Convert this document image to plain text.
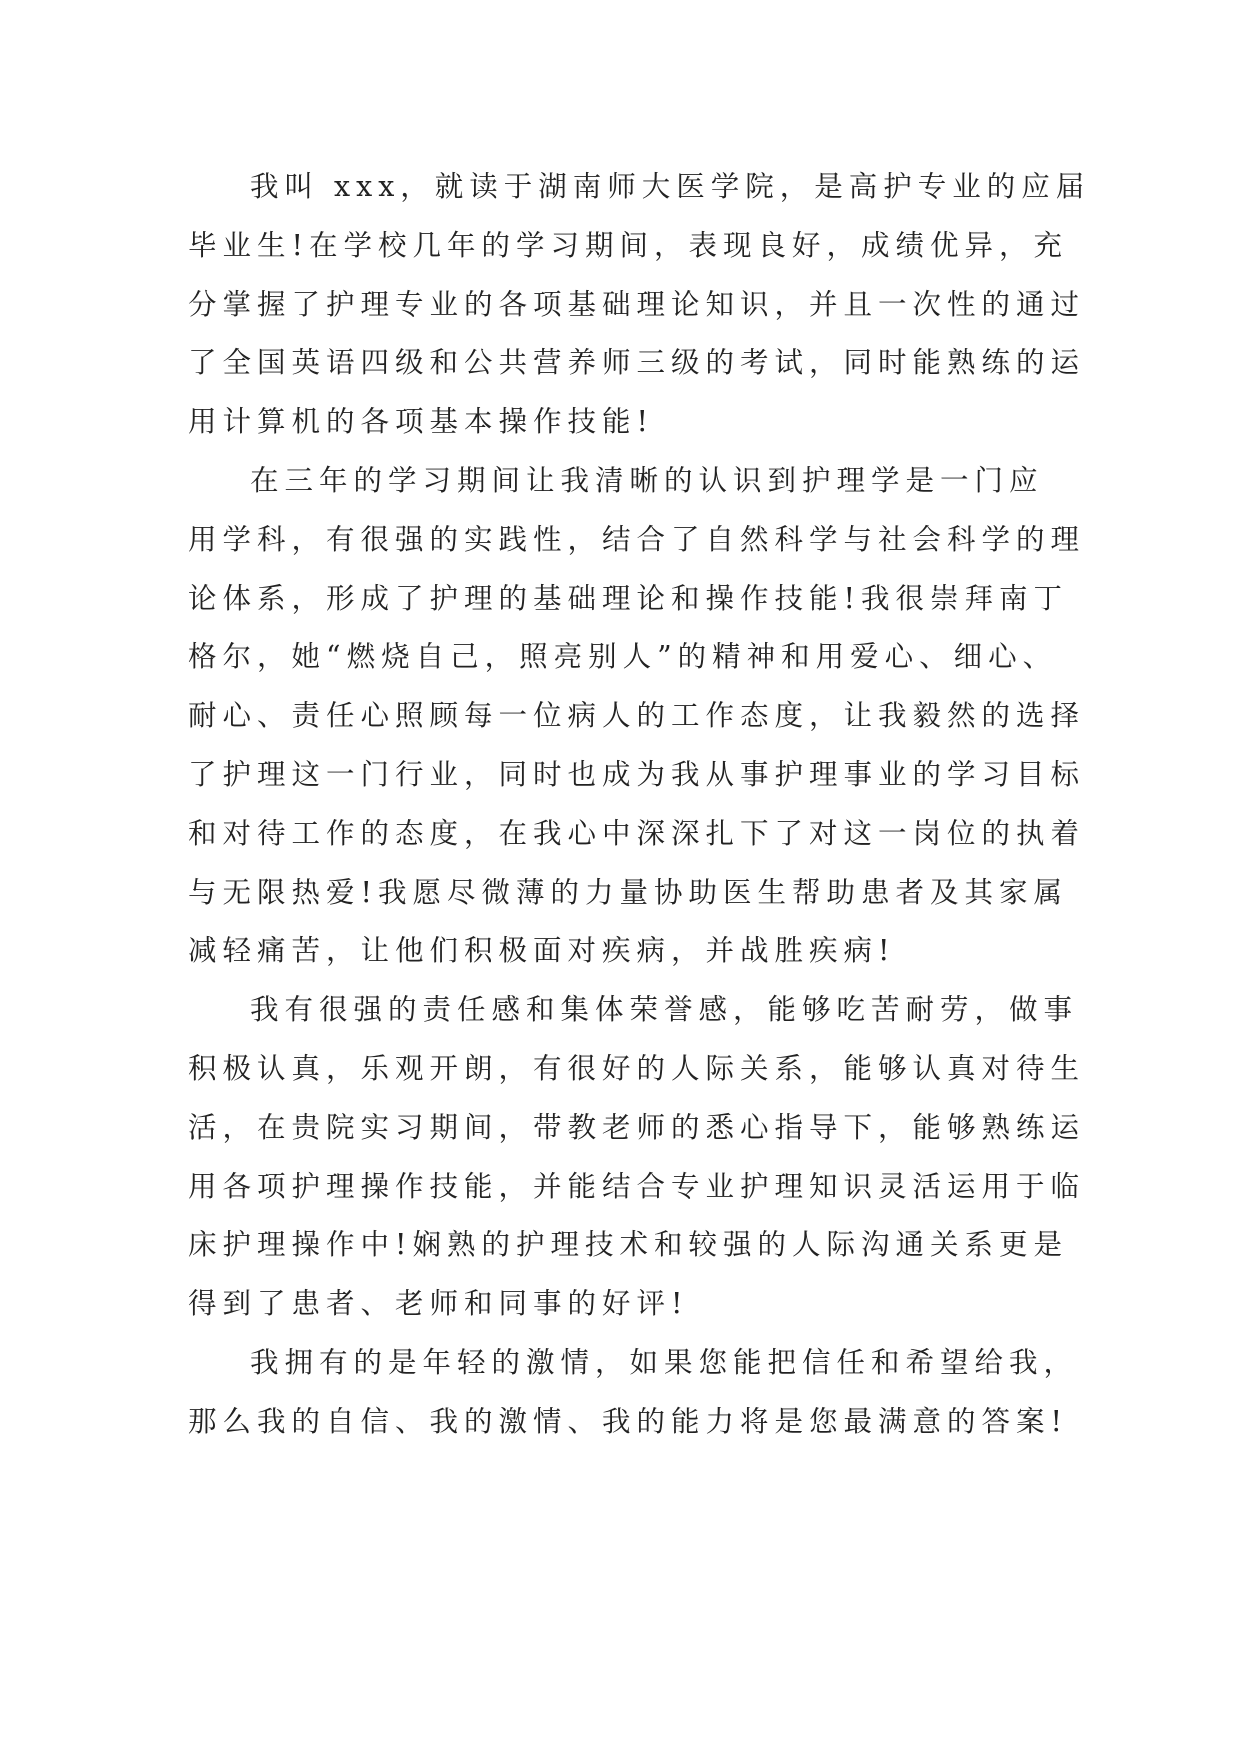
我叫 xxx，就读于湖南师大医学院，是高护专业的应届
毕业生!在学校几年的学习期间，表现良好，成绩优异，充
分掌握了护理专业的各项基础理论知识，并且一次性的通过
了全国英语四级和公共营养师三级的考试，同时能熟练的运
用计算机的各项基本操作技能!

在三年的学习期间让我清晰的认识到护理学是一门应
用学科，有很强的实践性，结合了自然科学与社会科学的理
论体系，形成了护理的基础理论和操作技能!我很崇拜南丁
格尔，她“燃烧自己，照亮别人”的精神和用爱心、细心、
耐心、责任心照顾每一位病人的工作态度，让我毅然的选择
了护理这一门行业，同时也成为我从事护理事业的学习目标
和对待工作的态度，在我心中深深扎下了对这一岗位的执着
与无限热爱!我愿尽微薄的力量协助医生帮助患者及其家属
减轻痛苦，让他们积极面对疾病，并战胜疾病!

我有很强的责任感和集体荣誉感，能够吃苦耐劳，做事
积极认真，乐观开朗，有很好的人际关系，能够认真对待生
活，在贵院实习期间，带教老师的悉心指导下，能够熟练运
用各项护理操作技能，并能结合专业护理知识灵活运用于临
床护理操作中!娴熟的护理技术和较强的人际沟通关系更是
得到了患者、老师和同事的好评!

我拥有的是年轻的激情，如果您能把信任和希望给我，
那么我的自信、我的激情、我的能力将是您最满意的答案!
